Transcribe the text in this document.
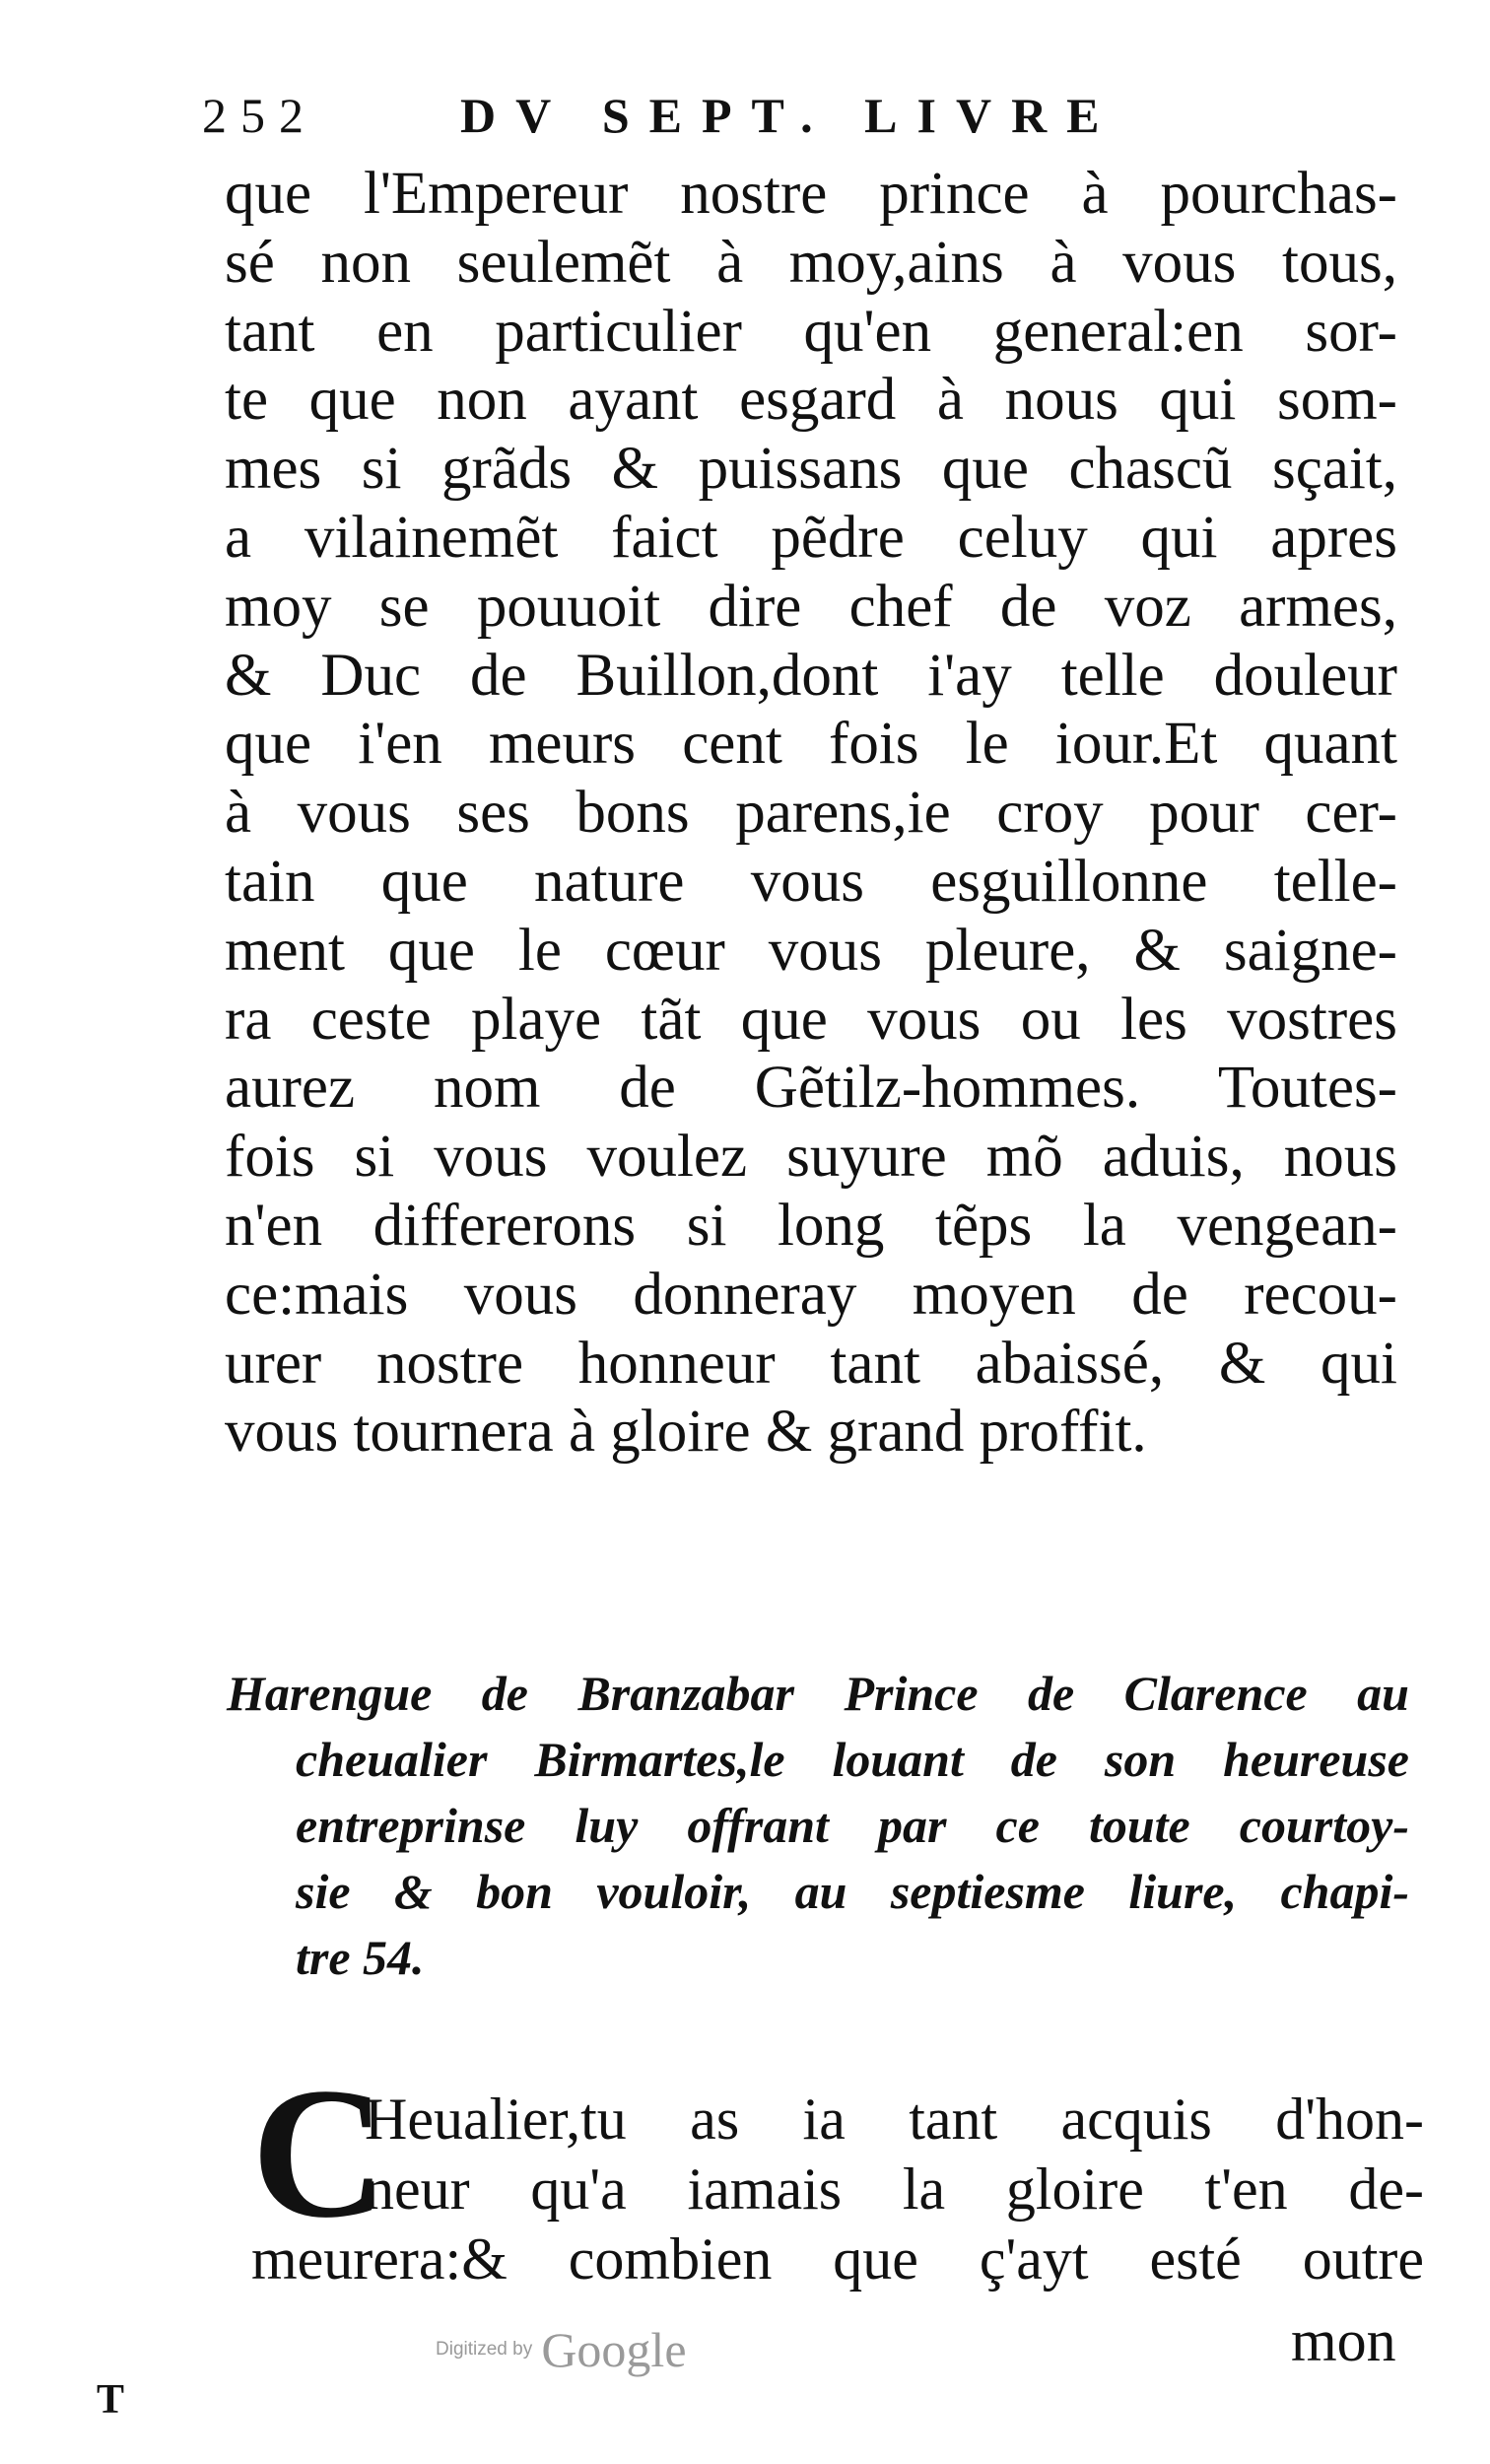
252	DV SEPT. LIVRE
que l'Empereur nostre prince à pourchas-
sé non seulemẽt à moy,ains à vous tous,
tant en particulier qu'en general:en sor-
te que non ayant esgard à nous qui som-
mes si grãds & puissans que chascũ sçait,
a vilainemẽt faict pẽdre celuy qui apres
moy se pouuoit dire chef de voz armes,
& Duc de Buillon,dont i'ay telle douleur
que i'en meurs cent fois le iour.Et quant
à vous ses bons parens,ie croy pour cer-
tain que nature vous esguillonne telle-
ment que le cœur vous pleure, & saigne-
ra ceste playe tãt que vous ou les vostres
aurez nom de Gẽtilz-hommes. Toutes-
fois si vous voulez suyure mõ aduis, nous
n'en differerons si long tẽps la vengean-
ce:mais vous donneray moyen de recou-
urer nostre honneur tant abaissé, & qui
vous tournera à gloire & grand proffit.
Harengue de Branzabar Prince de Clarence au
cheualier Birmartes,le louant de son heureuse
entreprinse luy offrant par ce toute courtoy-
sie & bon vouloir, au septiesme liure, chapi-
tre 54.
C
Heualier,tu as ia tant acquis d'hon-
neur qu'a iamais la gloire t'en de-
meurera:& combien que ç'ayt esté outre
Digitized by Google	mon
T
